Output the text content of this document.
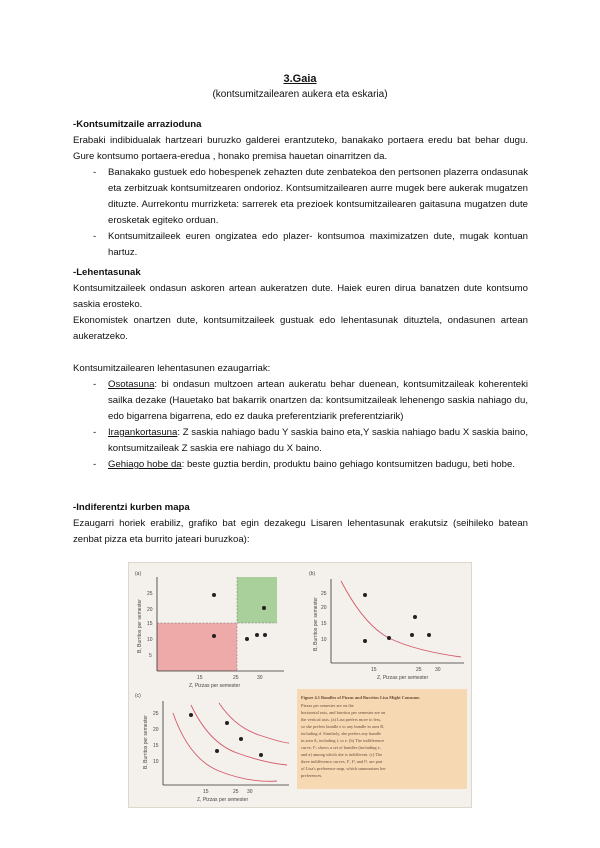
3.Gaia
(kontsumitzailearen aukera eta eskaria)

-Kontsumitzaile arrazioduna

Erabaki indibidualak hartzeari buruzko galderei erantzuteko, banakako portaera eredu bat behar dugu. Gure kontsumo portaera-eredua , honako premisa hauetan oinarritzen da.

- Banakako gustuek edo hobespenek zehazten dute zenbatekoa den pertsonen plazerra ondasunak eta zerbitzuak kontsumitzearen ondorioz. Kontsumitzailearen aurre mugek bere aukerak mugatzen dituzte. Aurrekontu murrizketa: sarrerek eta prezioek kontsumitzailearen gaitasuna mugatzen dute erosketak egiteko orduan.
- Kontsumitzaileek euren ongizatea edo plazer- kontsumoa maximizatzen dute, mugak kontuan hartuz.

-Lehentasunak

Kontsumitzaileek ondasun askoren artean aukeratzen dute. Haiek euren dirua banatzen dute kontsumo saskia erosteko.

Ekonomistek onartzen dute, kontsumitzaileek gustuak edo lehentasunak dituztela, ondasunen artean aukeratzeko.

Kontsumitzailearen lehentasunen ezaugarriak:

- Osotasuna: bi ondasun multzoen artean aukeratu behar duenean, kontsumitzaileak koherenteki sailka dezake (Hauetako bat bakarrik onartzen da: kontsumitzaileak lehenengo saskia nahiago du, edo bigarrena bigarrena, edo ez dauka preferentziarik preferentziarik)
- Iragankortasuna: Z saskia nahiago badu Y saskia baino eta,Y saskia nahiago badu X saskia baino, kontsumitzaileak Z saskia ere nahiago du X baino.
- Gehiago hobe da: beste guztia berdin, produktu baino gehiago kontsumitzen badugu, beti hobe.

-Indiferentzi kurben mapa

Ezaugarri horiek erabiliz, grafiko bat egin dezakegu Lisaren lehentasunak erakutsiz (seihileko batean zenbat pizza eta burrito jateari buruzkoa):

(a)
25
20
15
10
5
15	25	30
Z, Pizzas per semester
B, Burritos per semester
(b)
25
20
15
10
15	25	30
Z, Pizzas per semester
B, Burritos per semester
(c)
25
20
15
10
15	25 30
Z, Pizzas per semester
B, Burritos per semester
Figure 4.1 Bundles of Pizzas and Burritos Lisa Might Consume.
Pizzas per semester are on the
horizontal axis, and burritos per semester are on
the vertical axis. (a) Lisa prefers more to less,
so she prefers bundle e to any bundle in area B,
including d. Similarly, she prefers any bundle
in area A, including f, to e. (b) The indifference
curve, I¹, shows a set of bundles (including e,
and a) among which she is indifferent. (c) The
three indifference curves, I¹, I², and I³, are part
of Lisa's preference map, which summarizes her
preferences.
